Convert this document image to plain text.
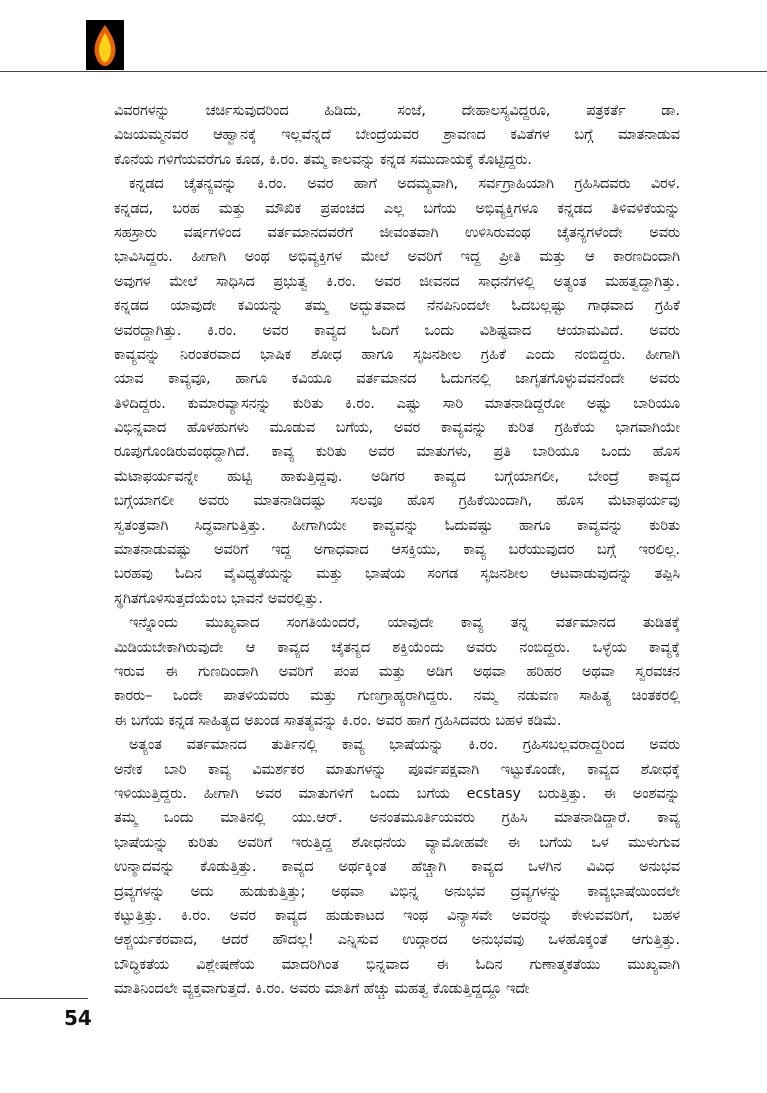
ವಿವರಗಳನ್ನು ಚರ್ಚಿಸುವುದರಿಂದ ಹಿಡಿದು, ಸಂಜೆ, ದೇಹಾಲಸ್ಯವಿದ್ದರೂ, ಪತ್ರಕರ್ತೆ ಡಾ.
ವಿಜಯಮ್ಮನವರ ಆಹ್ವಾನಕ್ಕೆ ಇಲ್ಲವೆನ್ನದೆ ಬೇಂದ್ರೆಯವರ ಶ್ರಾವಣದ ಕವಿತೆಗಳ ಬಗ್ಗೆ ಮಾತನಾಡುವ
ಕೊನೆಯ ಗಳಿಗೆಯವರೆಗೂ ಕೂಡ, ಕಿ.ರಂ. ತಮ್ಮ ಕಾಲವನ್ನು ಕನ್ನಡ ಸಮುದಾಯಕ್ಕೆ ಕೊಟ್ಟಿದ್ದರು.
ಕನ್ನಡದ ಚೈತನ್ಯವನ್ನು ಕಿ.ರಂ. ಅವರ ಹಾಗೆ ಅದಮ್ಯವಾಗಿ, ಸರ್ವಗ್ರಾಹಿಯಾಗಿ ಗ್ರಹಿಸಿದವರು ವಿರಳ.
ಕನ್ನಡದ, ಬರಹ ಮತ್ತು ಮೌಖಿಕ ಪ್ರಪಂಚದ ಎಲ್ಲ ಬಗೆಯ ಅಭಿವ್ಯಕ್ತಿಗಳೂ ಕನ್ನಡದ ತಿಳಿವಳಿಕೆಯನ್ನು
ಸಹಸ್ರಾರು ವರ್ಷಗಳಿಂದ ವರ್ತಮಾನದವರೆಗೆ ಜೀವಂತವಾಗಿ ಉಳಿಸಿರುವಂಥ ಚೈತನ್ಯಗಳೆಂದೇ ಅವರು
ಭಾವಿಸಿದ್ದರು. ಹೀಗಾಗಿ ಅಂಥ ಅಭಿವ್ಯಕ್ತಿಗಳ ಮೇಲೆ ಅವರಿಗೆ ಇದ್ದ ಪ್ರೀತಿ ಮತ್ತು ಆ ಕಾರಣದಿಂದಾಗಿ
ಅವುಗಳ ಮೇಲೆ ಸಾಧಿಸಿದ ಪ್ರಭುತ್ವ ಕಿ.ರಂ. ಅವರ ಜೀವನದ ಸಾಧನೆಗಳಲ್ಲಿ ಅತ್ಯಂತ ಮಹತ್ವದ್ದಾಗಿತ್ತು.
ಕನ್ನಡದ ಯಾವುದೇ ಕವಿಯನ್ನು ತಮ್ಮ ಅದ್ಭುತವಾದ ನೆನಪಿನಿಂದಲೇ ಓದಬಲ್ಲಷ್ಟು ಗಾಢವಾದ ಗ್ರಹಿಕೆ
ಅವರದ್ದಾಗಿತ್ತು. ಕಿ.ರಂ. ಅವರ ಕಾವ್ಯದ ಓದಿಗೆ ಒಂದು ವಿಶಿಷ್ಟವಾದ ಆಯಾಮವಿದೆ. ಅವರು
ಕಾವ್ಯವನ್ನು ನಿರಂತರವಾದ ಭಾಷಿಕ ಶೋಧ ಹಾಗೂ ಸೃಜನಶೀಲ ಗ್ರಹಿಕೆ ಎಂದು ನಂಬಿದ್ದರು. ಹೀಗಾಗಿ
ಯಾವ ಕಾವ್ಯವೂ, ಹಾಗೂ ಕವಿಯೂ ವರ್ತಮಾನದ ಓದುಗನಲ್ಲಿ ಜಾಗೃತಗೊಳ್ಳುವವನೆಂದೇ ಅವರು
ತಿಳಿದಿದ್ದರು. ಕುಮಾರವ್ಯಾಸನನ್ನು ಕುರಿತು ಕಿ.ರಂ. ಎಷ್ಟು ಸಾರಿ ಮಾತನಾಡಿದ್ದರೋ ಅಷ್ಟು ಬಾರಿಯೂ
ವಿಭಿನ್ನವಾದ ಹೊಳಹುಗಳು ಮೂಡುವ ಬಗೆಯ, ಅವರ ಕಾವ್ಯವನ್ನು ಕುರಿತ ಗ್ರಹಿಕೆಯ ಭಾಗವಾಗಿಯೇ
ರೂಪುಗೊಂಡಿರುವಂಥದ್ದಾಗಿದೆ. ಕಾವ್ಯ ಕುರಿತು ಅವರ ಮಾತುಗಳು, ಪ್ರತಿ ಬಾರಿಯೂ ಒಂದು ಹೊಸ
ಮೆಟಾಫರ್ಯವನ್ನೇ ಹುಟ್ಟಿ ಹಾಕುತ್ತಿದ್ದವು. ಅಡಿಗರ ಕಾವ್ಯದ ಬಗ್ಗೆಯಾಗಲೀ, ಬೇಂದ್ರೆ ಕಾವ್ಯದ
ಬಗ್ಗೆಯಾಗಲೀ ಅವರು ಮಾತನಾಡಿದಷ್ಟು ಸಲವೂ ಹೊಸ ಗ್ರಹಿಕೆಯಿಂದಾಗಿ, ಹೊಸ ಮೆಟಾಫರ್ಯವು
ಸ್ವತಂತ್ರವಾಗಿ ಸಿದ್ಧವಾಗುತ್ತಿತ್ತು. ಹೀಗಾಗಿಯೇ ಕಾವ್ಯವನ್ನು ಓದುವಷ್ಟು ಹಾಗೂ ಕಾವ್ಯವನ್ನು ಕುರಿತು
ಮಾತನಾಡುವಷ್ಟು ಅವರಿಗೆ ಇದ್ದ ಅಗಾಧವಾದ ಆಸಕ್ತಿಯು, ಕಾವ್ಯ ಬರೆಯುವುದರ ಬಗ್ಗೆ ಇರಲಿಲ್ಲ.
ಬರಹವು ಓದಿನ ವೈವಿಧ್ಯತೆಯನ್ನು ಮತ್ತು ಭಾಷೆಯ ಸಂಗಡ ಸೃಜನಶೀಲ ಆಟವಾಡುವುದನ್ನು ತಪ್ಪಿಸಿ
ಸ್ಥಗಿತಗೊಳಿಸುತ್ತದೆಯೆಂಬ ಭಾವನೆ ಅವರಲ್ಲಿತ್ತು.
ಇನ್ನೊಂದು ಮುಖ್ಯವಾದ ಸಂಗತಿಯೆಂದರೆ, ಯಾವುದೇ ಕಾವ್ಯ ತನ್ನ ವರ್ತಮಾನದ ತುಡಿತಕ್ಕೆ
ಮಿಡಿಯಬೇಕಾಗಿರುವುದೇ ಆ ಕಾವ್ಯದ ಚೈತನ್ಯದ ಶಕ್ತಿಯೆಂದು ಅವರು ನಂಬಿದ್ದರು. ಒಳ್ಳೆಯ ಕಾವ್ಯಕ್ಕೆ
ಇರುವ ಈ ಗುಣದಿಂದಾಗಿ ಅವರಿಗೆ ಪಂಪ ಮತ್ತು ಅಡಿಗ ಅಥವಾ ಹರಿಹರ ಅಥವಾ ಸ್ವರವಚನ
ಕಾರರು– ಒಂದೇ ಪಾತಳಿಯವರು ಮತ್ತು ಗುಣಗ್ರಾಹ್ಯರಾಗಿದ್ದರು. ನಮ್ಮ ನಡುವಣ ಸಾಹಿತ್ಯ ಚಿಂತಕರಲ್ಲಿ
ಈ ಬಗೆಯ ಕನ್ನಡ ಸಾಹಿತ್ಯದ ಅಖಂಡ ಸಾತತ್ಯವನ್ನು ಕಿ.ರಂ. ಅವರ ಹಾಗೆ ಗ್ರಹಿಸಿದವರು ಬಹಳ ಕಡಿಮೆ.
ಅತ್ಯಂತ ವರ್ತಮಾನದ ತುರ್ತಿನಲ್ಲಿ ಕಾವ್ಯ ಭಾಷೆಯನ್ನು ಕಿ.ರಂ. ಗ್ರಹಿಸಬಲ್ಲವರಾದ್ದರಿಂದ ಅವರು
ಅನೇಕ ಬಾರಿ ಕಾವ್ಯ ವಿಮರ್ಶಕರ ಮಾತುಗಳನ್ನು ಪೂರ್ವಪಕ್ಷವಾಗಿ ಇಟ್ಟುಕೊಂಡೇ, ಕಾವ್ಯದ ಶೋಧಕ್ಕೆ
ಇಳಿಯುತ್ತಿದ್ದರು. ಹೀಗಾಗಿ ಅವರ ಮಾತುಗಳಿಗೆ ಒಂದು ಬಗೆಯ ecstasy ಬರುತ್ತಿತ್ತು. ಈ ಅಂಶವನ್ನು
ತಮ್ಮ ಒಂದು ಮಾತಿನಲ್ಲಿ ಯು.ಆರ್. ಅನಂತಮೂರ್ತಿಯವರು ಗ್ರಹಿಸಿ ಮಾತನಾಡಿದ್ದಾರೆ. ಕಾವ್ಯ
ಭಾಷೆಯನ್ನು ಕುರಿತು ಅವರಿಗೆ ಇರುತ್ತಿದ್ದ ಶೋಧನೆಯ ವ್ಯಾಮೋಹವೇ ಈ ಬಗೆಯ ಒಳ ಮುಳುಗುವ
ಉನ್ಮಾದವನ್ನು ಕೊಡುತ್ತಿತ್ತು. ಕಾವ್ಯದ ಅರ್ಥಕ್ಕಿಂತ ಹೆಚ್ಚಾಗಿ ಕಾವ್ಯದ ಒಳಗಿನ ವಿವಿಧ ಅನುಭವ
ದ್ರವ್ಯಗಳನ್ನು ಅದು ಹುಡುಕುತ್ತಿತ್ತು; ಅಥವಾ ವಿಭಿನ್ನ ಅನುಭವ ದ್ರವ್ಯಗಳನ್ನು ಕಾವ್ಯಭಾಷೆಯಿಂದಲೇ
ಕಟ್ಟುತ್ತಿತ್ತು. ಕಿ.ರಂ. ಅವರ ಕಾವ್ಯದ ಹುಡುಕಾಟದ ಇಂಥ ವಿನ್ಯಾಸವೇ ಅವರನ್ನು ಕೇಳುವವರಿಗೆ, ಬಹಳ
ಆಶ್ಚರ್ಯಕರವಾದ, ಆದರೆ ಹೌದಲ್ಲ! ಎನ್ನಿಸುವ ಉದ್ಗಾರದ ಅನುಭವವು ಒಳಹೊಕ್ಕಂತೆ ಆಗುತ್ತಿತ್ತು.
ಬೌದ್ಧಿಕತೆಯ ವಿಶ್ಲೇಷಣೆಯ ಮಾದರಿಗಿಂತ ಭಿನ್ನವಾದ ಈ ಓದಿನ ಗುಣಾತ್ಮಕತೆಯು ಮುಖ್ಯವಾಗಿ
ಮಾತಿನಿಂದಲೇ ವ್ಯಕ್ತವಾಗುತ್ತದೆ. ಕಿ.ರಂ. ಅವರು ಮಾತಿಗೆ ಹೆಚ್ಚು ಮಹತ್ವ ಕೊಡುತ್ತಿದ್ದದ್ದೂ ಇದೇ
54
